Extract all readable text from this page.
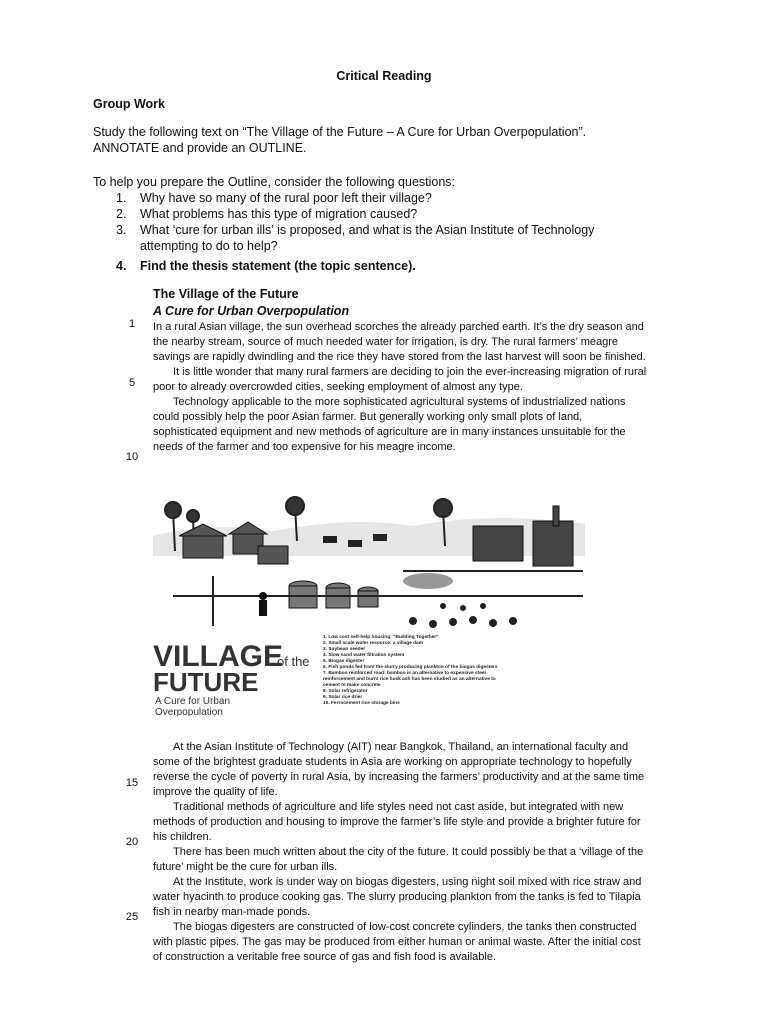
Critical Reading
Group Work
Study the following text on “The Village of the Future – A Cure for Urban Overpopulation”.
ANNOTATE and provide an OUTLINE.
To help you prepare the Outline, consider the following questions:
1. Why have so many of the rural poor left their village?
2. What problems has this type of migration caused?
3. What ‘cure for urban ills’ is proposed, and what is the Asian Institute of Technology attempting to do to help?
4. Find the thesis statement (the topic sentence).
The Village of the Future
A Cure for Urban Overpopulation
1
5
10
15
20
25

In a rural Asian village, the sun overhead scorches the already parched earth. It’s the dry season and the nearby stream, source of much needed water for irrigation, is dry. The rural farmers’ meagre savings are rapidly dwindling and the rice they have stored from the last harvest will soon be finished.

It is little wonder that many rural farmers are deciding to join the ever-increasing migration of rural poor to already overcrowded cities, seeking employment of almost any type.

Technology applicable to the more sophisticated agricultural systems of industrialized nations could possibly help the poor Asian farmer. But generally working only small plots of land, sophisticated equipment and new methods of agriculture are in many instances unsuitable for the needs of the farmer and too expensive for his meagre income.

VILLAGE
of the
FUTURE
A Cure for Urban
Overpopulation
1. Low cost self-help housing: “Building Together”
2. Small scale water resource: a village dam
3. Soybean seeder
4. Slow sand water filtration system
5. Biogas digester
6. Fish ponds fed from the slurry producing plankton of the biogas digesters
7. Bamboo reinforced road: bamboo is an alternative to expensive steel
reinforcement and burnt rice husk ash has been studied as an alternative to
cement to make concrete
8. Solar refrigerator
9. Solar rice drier
10. Ferrocement rice storage bins

At the Asian Institute of Technology (AIT) near Bangkok, Thailand, an international faculty and some of the brightest graduate students in Asia are working on appropriate technology to hopefully reverse the cycle of poverty in rural Asia, by increasing the farmers’ productivity and at the same time improve the quality of life.

Traditional methods of agriculture and life styles need not cast aside, but integrated with new methods of production and housing to improve the farmer’s life style and provide a brighter future for his children.

There has been much written about the city of the future. It could possibly be that a ‘village of the future’ might be the cure for urban ills.

At the Institute, work is under way on biogas digesters, using night soil mixed with rice straw and water hyacinth to produce cooking gas. The slurry producing plankton from the tanks is fed to Tilapia fish in nearby man-made ponds.

The biogas digesters are constructed of low-cost concrete cylinders, the tanks then constructed with plastic pipes. The gas may be produced from either human or animal waste. After the initial cost of construction a veritable free source of gas and fish food is available.
